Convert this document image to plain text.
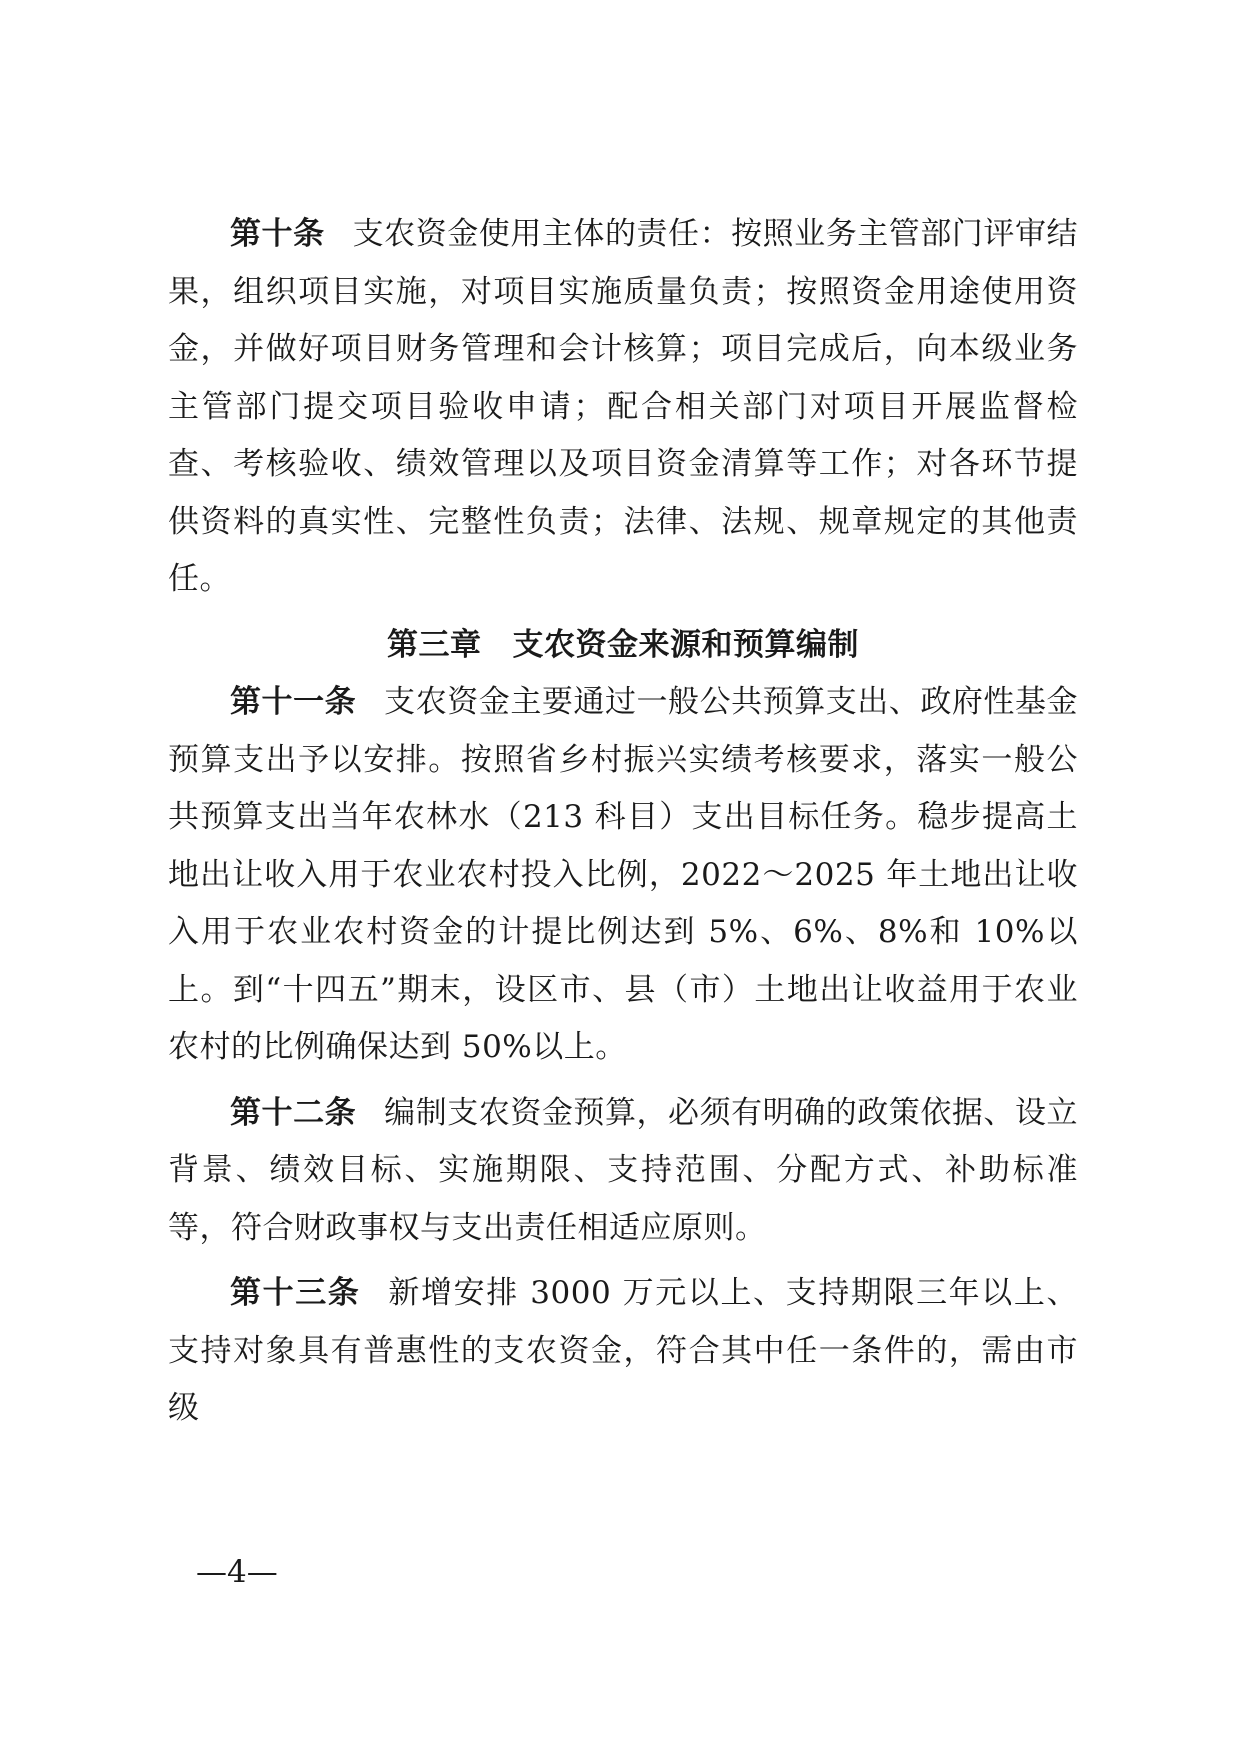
第十条 支农资金使用主体的责任：按照业务主管部门评审结果，组织项目实施，对项目实施质量负责；按照资金用途使用资金，并做好项目财务管理和会计核算；项目完成后，向本级业务主管部门提交项目验收申请；配合相关部门对项目开展监督检查、考核验收、绩效管理以及项目资金清算等工作；对各环节提供资料的真实性、完整性负责；法律、法规、规章规定的其他责任。

第三章 支农资金来源和预算编制

第十一条 支农资金主要通过一般公共预算支出、政府性基金预算支出予以安排。按照省乡村振兴实绩考核要求，落实一般公共预算支出当年农林水（213 科目）支出目标任务。稳步提高土地出让收入用于农业农村投入比例，2022～2025 年土地出让收入用于农业农村资金的计提比例达到 5%、6%、8%和 10%以上。到“十四五”期末，设区市、县（市）土地出让收益用于农业农村的比例确保达到 50%以上。

第十二条 编制支农资金预算，必须有明确的政策依据、设立背景、绩效目标、实施期限、支持范围、分配方式、补助标准等，符合财政事权与支出责任相适应原则。

第十三条 新增安排 3000 万元以上、支持期限三年以上、支持对象具有普惠性的支农资金，符合其中任一条件的，需由市级

—4—
